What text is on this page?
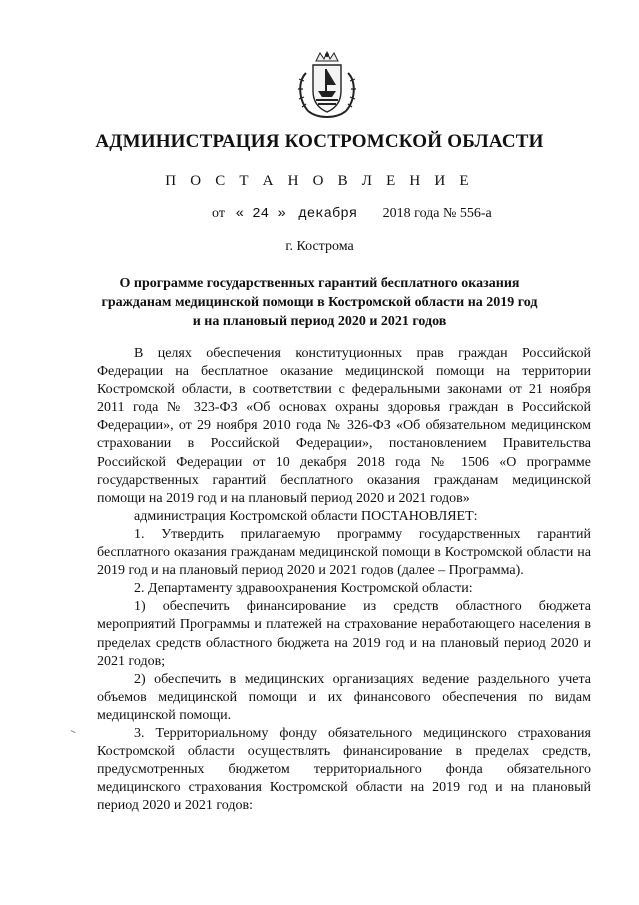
АДМИНИСТРАЦИЯ КОСТРОМСКОЙ ОБЛАСТИ
П О С Т А Н О В Л Е Н И Е
от « 24 » декабря 2018 года № 556-а
г. Кострома
О программе государственных гарантий бесплатного оказания
гражданам медицинской помощи в Костромской области на 2019 год
и на плановый период 2020 и 2021 годов

В целях обеспечения конституционных прав граждан Российской Федерации на бесплатное оказание медицинской помощи на территории Костромской области, в соответствии с федеральными законами от 21 ноября 2011 года № 323-ФЗ «Об основах охраны здоровья граждан в Российской Федерации», от 29 ноября 2010 года № 326-ФЗ «Об обязательном медицинском страховании в Российской Федерации», постановлением Правительства Российской Федерации от 10 декабря 2018 года № 1506 «О программе государственных гарантий бесплатного оказания гражданам медицинской помощи на 2019 год и на плановый период 2020 и 2021 годов»

администрация Костромской области ПОСТАНОВЛЯЕТ:

1. Утвердить прилагаемую программу государственных гарантий бесплатного оказания гражданам медицинской помощи в Костромской области на 2019 год и на плановый период 2020 и 2021 годов (далее – Программа).

2. Департаменту здравоохранения Костромской области:

1) обеспечить финансирование из средств областного бюджета мероприятий Программы и платежей на страхование неработающего населения в пределах средств областного бюджета на 2019 год и на плановый период 2020 и 2021 годов;

2) обеспечить в медицинских организациях ведение раздельного учета объемов медицинской помощи и их финансового обеспечения по видам медицинской помощи.

3. Территориальному фонду обязательного медицинского страхования Костромской области осуществлять финансирование в пределах средств, предусмотренных бюджетом территориального фонда обязательного медицинского страхования Костромской области на 2019 год и на плановый период 2020 и 2021 годов:
